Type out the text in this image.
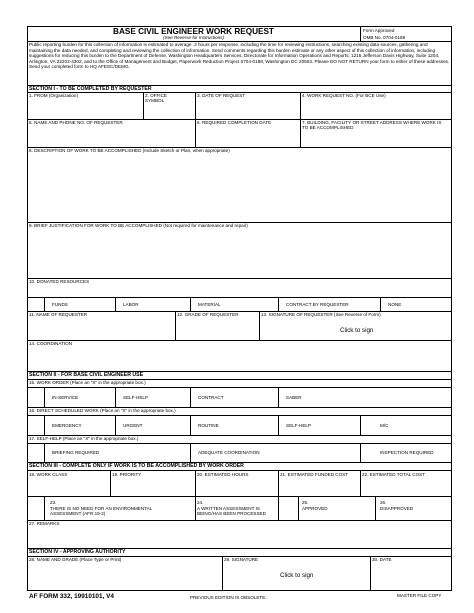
BASE CIVIL ENGINEER WORK REQUEST
(See Reverse for Instructions)
Form Approved
OMB No. 0704-0188
Public reporting burden for this collection of information is estimated to average .3 hours per response, including the time for reviewing instructions, searching existing data sources, gathering and maintaining the data needed, and completing and reviewing the collection of information. Send comments regarding this burden estimate or any other aspect of this collection of information, including suggestions for reducing this burden to the Department of Defense, Washington Headquarters Services, Directorate for Information Operations and Reports, 1215 Jefferson Davis Highway, Suite 1204, Arlington, VA 22202-4302, and to the Office of Management and Budget, Paperwork Reduction Project 0704-0188, Washington DC 20503. Please DO NOT RETURN your form to either of these addresses. Send your completed form to HQ AFESC/DEMG.
SECTION I - TO BE COMPLETED BY REQUESTER
1. FROM (Organization)	2. OFFICE SYMBOL
3. DATE OF REQUEST	4. WORK REQUEST NO. (For BCE Use)
5. NAME AND PHONE NO. OF REQUESTER	6. REQUIRED COMPLETION DATE	7. BUILDING, FACILITY OR STREET ADDRESS WHERE WORK IS TO BE ACCOMPLISHED
8. DESCRIPTION OF WORK TO BE ACCOMPLISHED (Include Sketch or Plan, when appropriate)
9. BRIEF JUSTIFICATION FOR WORK TO BE ACCOMPLISHED (Not required for maintenance and repair)
10. DONATED RESOURCES
FUNDS	LABOR	MATERIAL	CONTRACT BY REQUESTER	NONE
11. NAME OF REQUESTER	12. GRADE OF REQUESTER	13. SIGNATURE OF REQUESTER (See Reverse of Form)
Click to sign
14. COORDINATION
SECTION II - FOR BASE CIVIL ENGINEER USE
15. WORK ORDER (Place an "X" in the appropriate box.)
IN-SERVICE	SELF-HELP	CONTRACT	SABER
16. DIRECT SCHEDULED WORK (Place an "X" in the appropriate box.)
EMERGENCY	URGENT	ROUTINE	SELF-HELP	M/C
17. SELF-HELP (Place an "X" in the appropriate box.)
BRIEFING REQUIRED	ADEQUATE COORDINATION	INSPECTION REQUIRED
SECTION III - COMPLETE ONLY IF WORK IS TO BE ACCOMPLISHED BY WORK ORDER
18. WORK CLASS	19. PRIORITY	20. ESTIMATED HOURS	21. ESTIMATED FUNDED COST	22. ESTIMATED TOTAL COST
23.
THERE IS NO NEED FOR AN ENVIRONMENTAL ASSESSMENT (AFR 19-2)
24.
A WRITTEN ASSESSMENT IS BEING/HAS BEEN PROCESSED
25.
APPROVED
26.
DISAPPROVED
27. REMARKS
SECTION IV - APPROVING AUTHORITY
28. NAME AND GRADE (Place Type or Print)	29. SIGNATURE	30. DATE
Click to sign
AF FORM 332, 19910101, V4	PREVIOUS EDITION IS OBSOLETE.	MASTER FILE COPY
